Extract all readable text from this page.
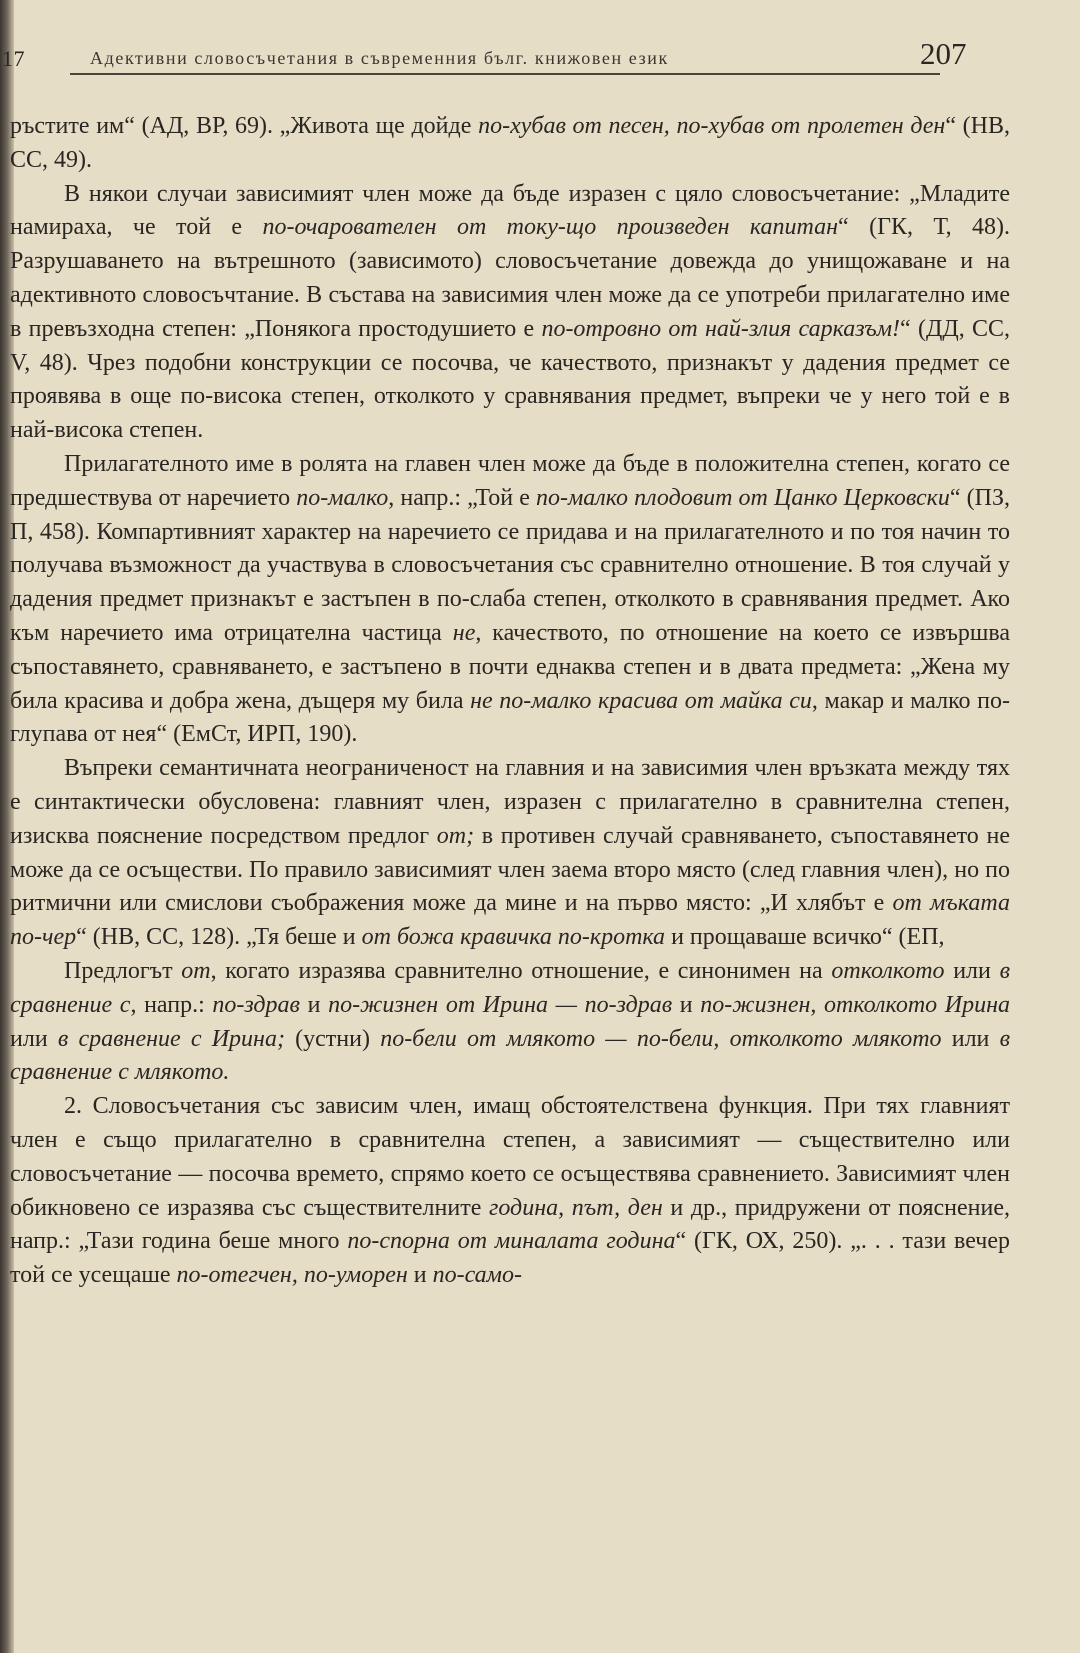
17	Адективни словосъчетания в съвременния бълг. книжовен език	207

ръстите им“ (АД, ВР, 69). „Живота ще дойде по-хубав от песен, по-хубав от пролетен ден“ (НВ, СС, 49).

В някои случаи зависимият член може да бъде изразен с цяло словосъчетание: „Младите намираха, че той е по-очарователен от току-що произведен капитан“ (ГК, Т, 48). Разрушаването на вътрешното (зависимото) словосъчетание довежда до унищожаване и на адективното словосъчтание. В състава на зависимия член може да се употреби прилагателно име в превъзходна степен: „Понякога простодушието е по-отровно от най-злия сарказъм!“ (ДД, СС, V, 48). Чрез подобни конструкции се посочва, че качеството, признакът у дадения предмет се проявява в още по-висока степен, отколкото у сравнявания предмет, въпреки че у него той е в най-висока степен.

Прилагателното име в ролята на главен член може да бъде в положителна степен, когато се предшествува от наречието по-малко, напр.: „Той е по-малко плодовит от Цанко Церковски“ (ПЗ, П, 458). Компартивният характер на наречието се придава и на прилагателното и по тоя начин то получава възможност да участвува в словосъчетания със сравнително отношение. В тоя случай у дадения предмет признакът е застъпен в по-слаба степен, отколкото в сравнявания предмет. Ако към наречието има отрицателна частица не, качеството, по отношение на което се извършва съпоставянето, сравняването, е застъпено в почти еднаква степен и в двата предмета: „Жена му била красива и добра жена, дъщеря му била не по-малко красива от майка си, макар и малко по-глупава от нея“ (ЕмСт, ИРП, 190).

Въпреки семантичната неограниченост на главния и на зависимия член връзката между тях е синтактически обусловена: главният член, изразен с прилагателно в сравнителна степен, изисква пояснение посредством предлог от; в противен случай сравняването, съпоставянето не може да се осъществи. По правило зависимият член заема второ място (след главния член), но по ритмични или смислови съображения може да мине и на първо място: „И хлябът е от мъката по-чер“ (НВ, СС, 128). „Тя беше и от божа кравичка по-кротка и прощаваше всичко“ (ЕП,

Предлогът от, когато изразява сравнително отношение, е синонимен на отколкото или в сравнение с, напр.: по-здрав и по-жизнен от Ирина — по-здрав и по-жизнен, отколкото Ирина или в сравнение с Ирина; (устни) по-бели от млякото — по-бели, отколкото млякото или в сравнение с млякото.

2. Словосъчетания със зависим член, имащ обстоятелствена функция. При тях главният член е също прилагателно в сравнителна степен, а зависимият — съществително или словосъчетание — посочва времето, спрямо което се осъществява сравнението. Зависимият член обикновено се изразява със съществителните година, път, ден и др., придружени от пояснение, напр.: „Тази година беше много по-спорна от миналата година“ (ГК, ОХ, 250). „. . . тази вечер той се усещаше по-отегчен, по-умoрен и по-само-
